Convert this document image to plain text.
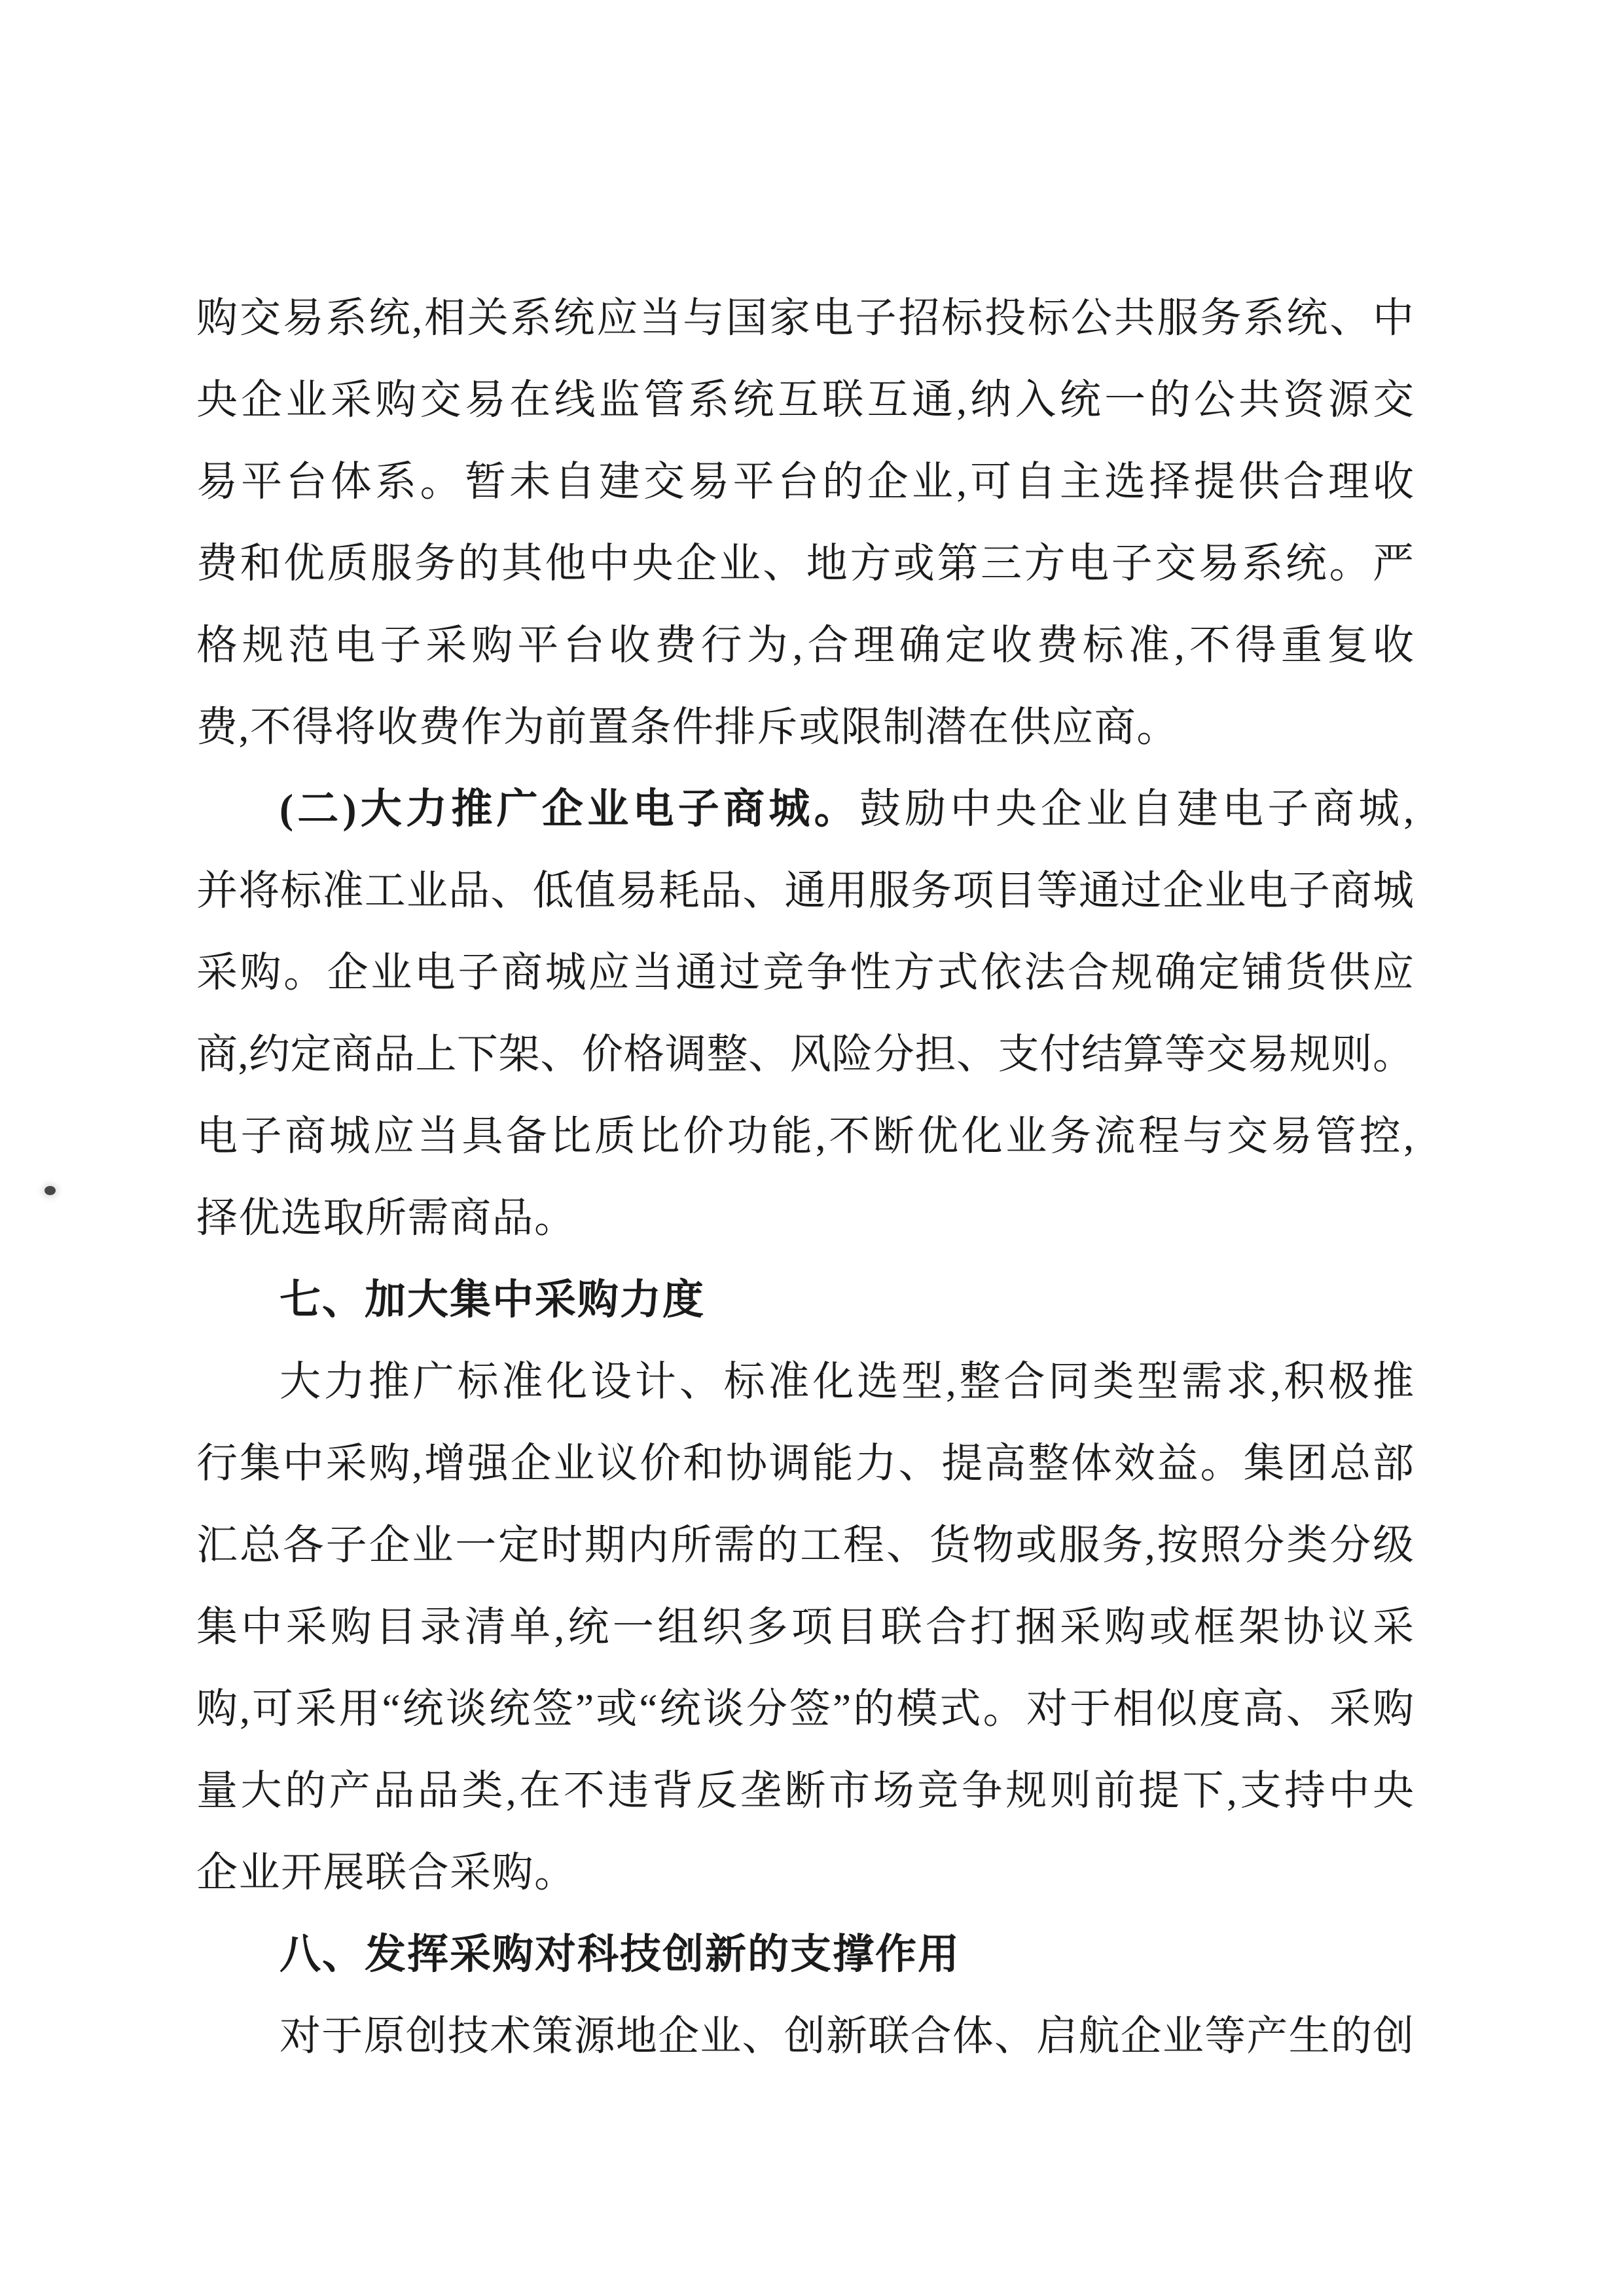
购交易系统,相关系统应当与国家电子招标投标公共服务系统、中
央企业采购交易在线监管系统互联互通,纳入统一的公共资源交
易平台体系。暂未自建交易平台的企业,可自主选择提供合理收
费和优质服务的其他中央企业、地方或第三方电子交易系统。严
格规范电子采购平台收费行为,合理确定收费标准,不得重复收
费,不得将收费作为前置条件排斥或限制潜在供应商。
(二)大力推广企业电子商城。鼓励中央企业自建电子商城,
并将标准工业品、低值易耗品、通用服务项目等通过企业电子商城
采购。企业电子商城应当通过竞争性方式依法合规确定铺货供应
商,约定商品上下架、价格调整、风险分担、支付结算等交易规则。
电子商城应当具备比质比价功能,不断优化业务流程与交易管控,
择优选取所需商品。
七、加大集中采购力度
大力推广标准化设计、标准化选型,整合同类型需求,积极推
行集中采购,增强企业议价和协调能力、提高整体效益。集团总部
汇总各子企业一定时期内所需的工程、货物或服务,按照分类分级
集中采购目录清单,统一组织多项目联合打捆采购或框架协议采
购,可采用“统谈统签”或“统谈分签”的模式。对于相似度高、采购
量大的产品品类,在不违背反垄断市场竞争规则前提下,支持中央
企业开展联合采购。
八、发挥采购对科技创新的支撑作用
对于原创技术策源地企业、创新联合体、启航企业等产生的创
